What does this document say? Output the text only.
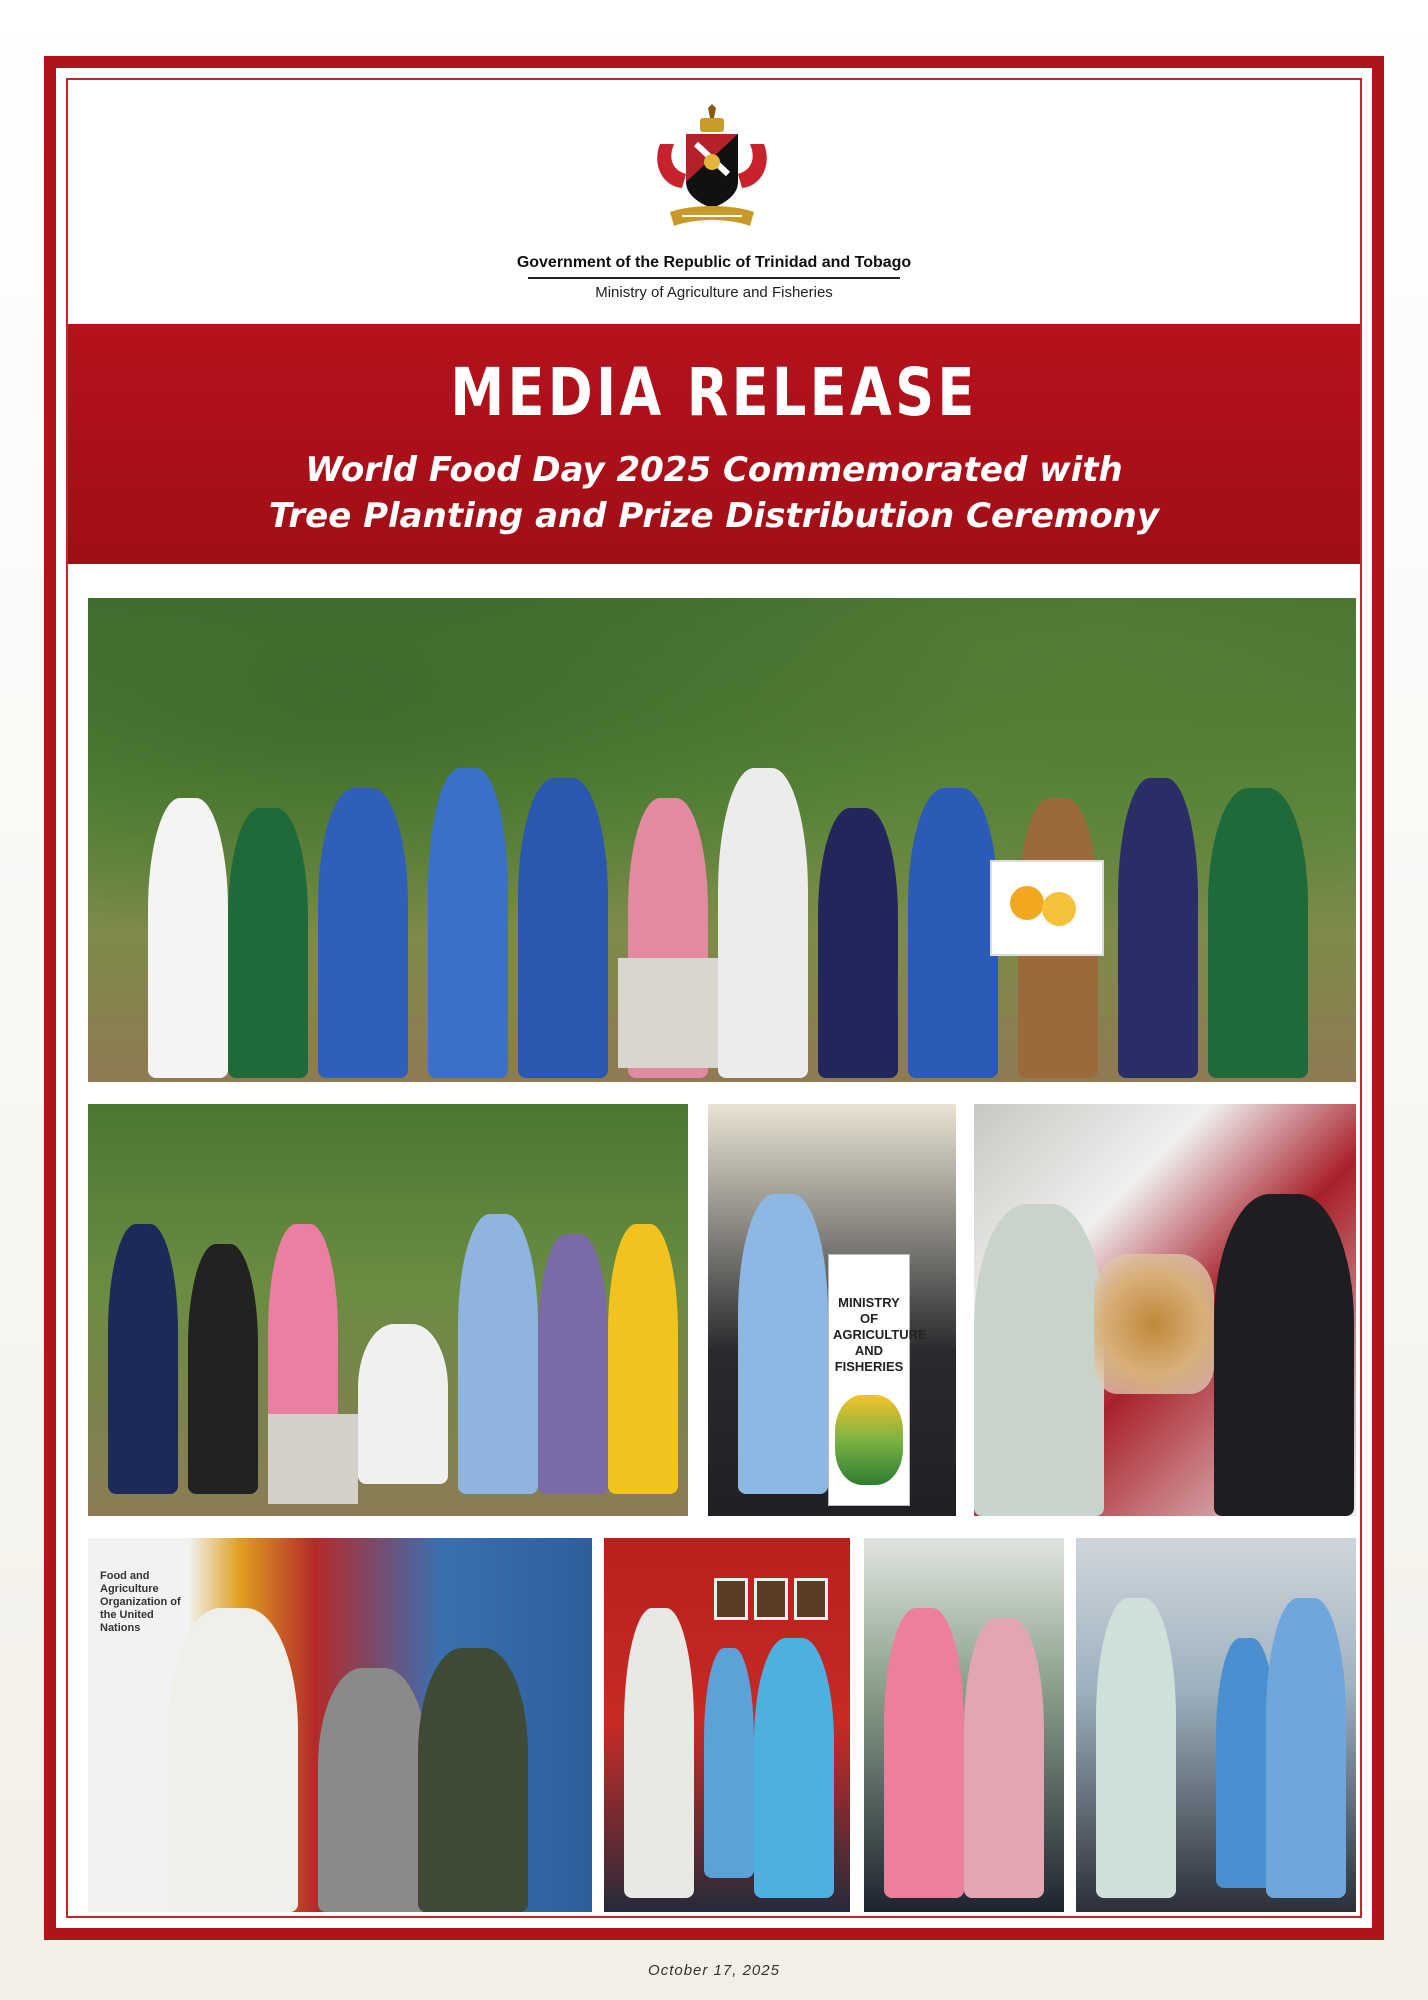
Government of the Republic of Trinidad and Tobago
Ministry of Agriculture and Fisheries
MEDIA RELEASE
World Food Day 2025 Commemorated with
Tree Planting and Prize Distribution Ceremony
MINISTRY OF AGRICULTURE AND FISHERIES
Food and Agriculture Organization of the United Nations
October 17, 2025
